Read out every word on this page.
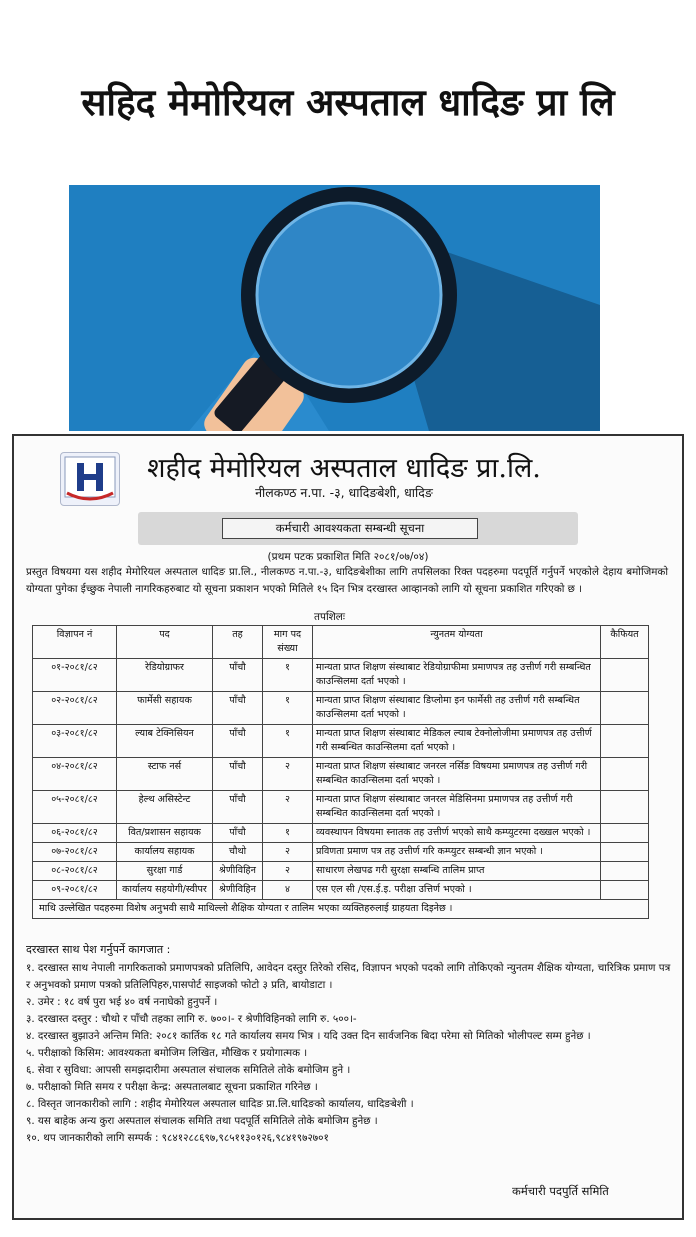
सहिद मेमोरियल अस्पताल धादिङ प्रा लि
शहीद मेमोरियल अस्पताल धादिङ प्रा.लि.
नीलकण्ठ न.पा. -३, धादिङबेशी, धादिङ
कर्मचारी आवश्यकता सम्बन्धी सूचना
(प्रथम पटक प्रकाशित मिति २०८१/०७/०४)
प्रस्तुत विषयमा यस शहीद मेमोरियल अस्पताल धादिङ प्रा.लि., नीलकण्ठ न.पा.-३, धादिङबेशीका लागि तपसिलका रिक्त पदहरुमा पदपूर्ति गर्नुपर्ने भएकोले देहाय बमोजिमको योग्यता पुगेका ईच्छुक नेपाली नागरिकहरुबाट यो सूचना प्रकाशन भएको मितिले १५ दिन भित्र दरखास्त आव्हानको लागि यो सूचना प्रकाशित गरिएको छ ।
तपशिलः
विज्ञापन नं	पद	तह	माग पद संख्या	न्युनतम योग्यता	कैफियत
०१-२०८१/८२	रेडियोग्राफर	पाँचौ	१	मान्यता प्राप्त शिक्षण संस्थाबाट रेडियोग्राफीमा प्रमाणपत्र तह उत्तीर्ण गरी सम्बन्धित काउन्सिलमा दर्ता भएको ।	
०२-२०८१/८२	फार्मेसी सहायक	पाँचौ	१	मान्यता प्राप्त शिक्षण संस्थाबाट डिप्लोमा इन फार्मेसी तह उत्तीर्ण गरी सम्बन्धित काउन्सिलमा दर्ता भएको ।	
०३-२०८१/८२	ल्याब टेक्निसियन	पाँचौ	१	मान्यता प्राप्त शिक्षण संस्थाबाट मेडिकल ल्याब टेक्नोलोजीमा प्रमाणपत्र तह उत्तीर्ण गरी सम्बन्धित काउन्सिलमा दर्ता भएको ।	
०४-२०८१/८२	स्टाफ नर्स	पाँचौ	२	मान्यता प्राप्त शिक्षण संस्थाबाट जनरल नर्सिङ विषयमा प्रमाणपत्र तह उत्तीर्ण गरी सम्बन्धित काउन्सिलमा दर्ता भएको ।	
०५-२०८१/८२	हेल्थ असिस्टेन्ट	पाँचौ	२	मान्यता प्राप्त शिक्षण संस्थाबाट जनरल मेडिसिनमा प्रमाणपत्र तह उत्तीर्ण गरी सम्बन्धित काउन्सिलमा दर्ता भएको ।	
०६-२०८१/८२	वित/प्रशासन सहायक	पाँचौ	१	व्यवस्थापन विषयमा स्नातक तह उत्तीर्ण भएको साथै कम्प्युटरमा दख्खल भएको ।	
०७-२०८१/८२	कार्यालय सहायक	चौथो	२	प्रविणता प्रमाण पत्र तह उत्तीर्ण गरि कम्प्युटर सम्बन्धी ज्ञान भएको ।	
०८-२०८१/८२	सुरक्षा गार्ड	श्रेणीविहिन	२	साधारण लेखपढ गरी सुरक्षा सम्बन्धि तालिम प्राप्त	
०९-२०८१/८२	कार्यालय सहयोगी/स्वीपर	श्रेणीविहिन	४	एस एल सी /एस.ई.इ. परीक्षा उत्तिर्ण भएको ।	
माथि उल्लेखित पदहरुमा विशेष अनुभवी साथै माथिल्लो शैक्षिक योग्यता र तालिम भएका व्यक्तिहरुलाई ग्राहयता दिइनेछ ।					
दरखास्त साथ पेश गर्नुपर्ने कागजात :
१. दरखास्त साथ नेपाली नागरिकताको प्रमाणपत्रको प्रतिलिपि, आवेदन दस्तुर तिरेको रसिद, विज्ञापन भएको पदको लागि तोकिएको न्युनतम शैक्षिक योग्यता, चारित्रिक प्रमाण पत्र र अनुभवको प्रमाण पत्रको प्रतिलिपिहरु,पासपोर्ट साइजको फोटो ३ प्रति, बायोडाटा ।
२. उमेर : १८ वर्ष पुरा भई ४० वर्ष ननाघेको हुनुपर्ने ।
३. दरखास्त दस्तुर : चौथो र पाँचौ तहका लागि रु. ७००।- र श्रेणीविहिनको लागि रु. ५००।-
४. दरखास्त बुझाउने अन्तिम मिति: २०८१ कार्तिक १८ गते कार्यालय समय भित्र । यदि उक्त दिन सार्वजनिक बिदा परेमा सो मितिको भोलीपल्ट सम्म हुनेछ ।
५. परीक्षाको किसिम: आवश्यकता बमोजिम लिखित, मौखिक र प्रयोगात्मक ।
६. सेवा र सुविधा: आपसी समझदारीमा अस्पताल संचालक समितिले तोके बमोजिम हुने ।
७. परीक्षाको मिति समय र परीक्षा केन्द्र: अस्पतालबाट सूचना प्रकाशित गरिनेछ ।
८. विस्तृत जानकारीको लागि : शहीद मेमोरियल अस्पताल धादिङ प्रा.लि.धादिङको कार्यालय, धादिङबेशी ।
९. यस बाहेक अन्य कुरा अस्पताल संचालक समिति तथा पदपूर्ति समितिले तोके बमोजिम हुनेछ ।
१०. थप जानकारीको लागि सम्पर्क : ९८४१२८८६९७,९८५११३०१२६,९८४१९७२७०१
कर्मचारी पदपुर्ति समिति
